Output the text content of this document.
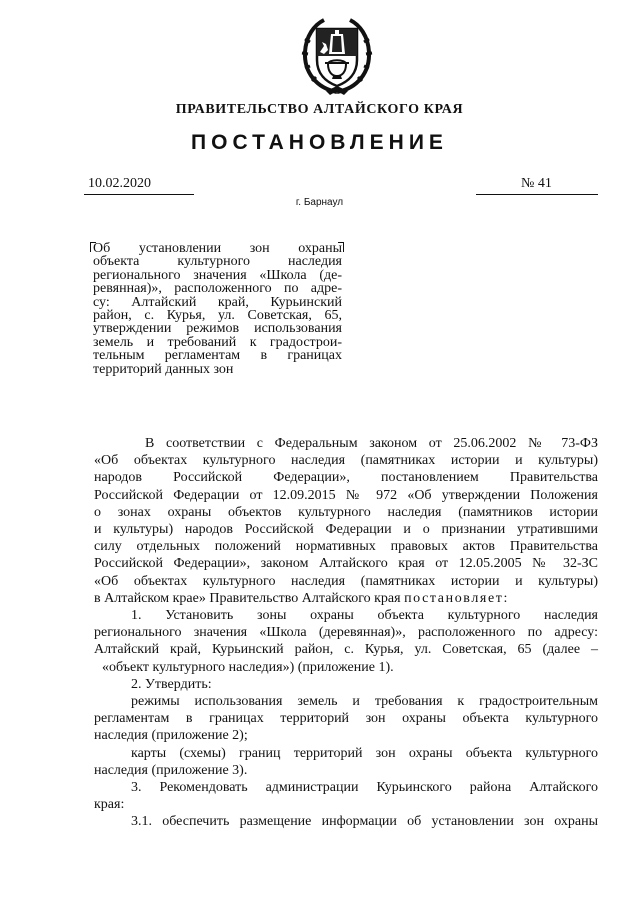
ПРАВИТЕЛЬСТВО АЛТАЙСКОГО КРАЯ
ПОСТАНОВЛЕНИЕ
10.02.2020	№ 41
г. Барнаул
Об установлении зон охраны
объекта культурного наследия
регионального значения «Школа (де-
ревянная)», расположенного по адре-
су: Алтайский край, Курьинский
район, с. Курья, ул. Советская, 65,
утверждении режимов использования
земель и требований к градострои-
тельным регламентам в границах
территорий данных зон
В соответствии с Федеральным законом от 25.06.2002 № 73-ФЗ
«Об объектах культурного наследия (памятниках истории и культуры)
народов Российской Федерации», постановлением Правительства
Российской Федерации от 12.09.2015 № 972 «Об утверждении Положения
о зонах охраны объектов культурного наследия (памятников истории
и культуры) народов Российской Федерации и о признании утратившими
силу отдельных положений нормативных правовых актов Правительства
Российской Федерации», законом Алтайского края от 12.05.2005 № 32-ЗС
«Об объектах культурного наследия (памятниках истории и культуры)
в Алтайском крае» Правительство Алтайского края постановляет:
1. Установить зоны охраны объекта культурного наследия
регионального значения «Школа (деревянная)», расположенного по адресу:
Алтайский край, Курьинский район, с. Курья, ул. Советская, 65 (далее –
«объект культурного наследия») (приложение 1).
2. Утвердить:
режимы использования земель и требования к градостроительным
регламентам в границах территорий зон охраны объекта культурного
наследия (приложение 2);
карты (схемы) границ территорий зон охраны объекта культурного
наследия (приложение 3).
3. Рекомендовать администрации Курьинского района Алтайского
края:
3.1. обеспечить размещение информации об установлении зон охраны
